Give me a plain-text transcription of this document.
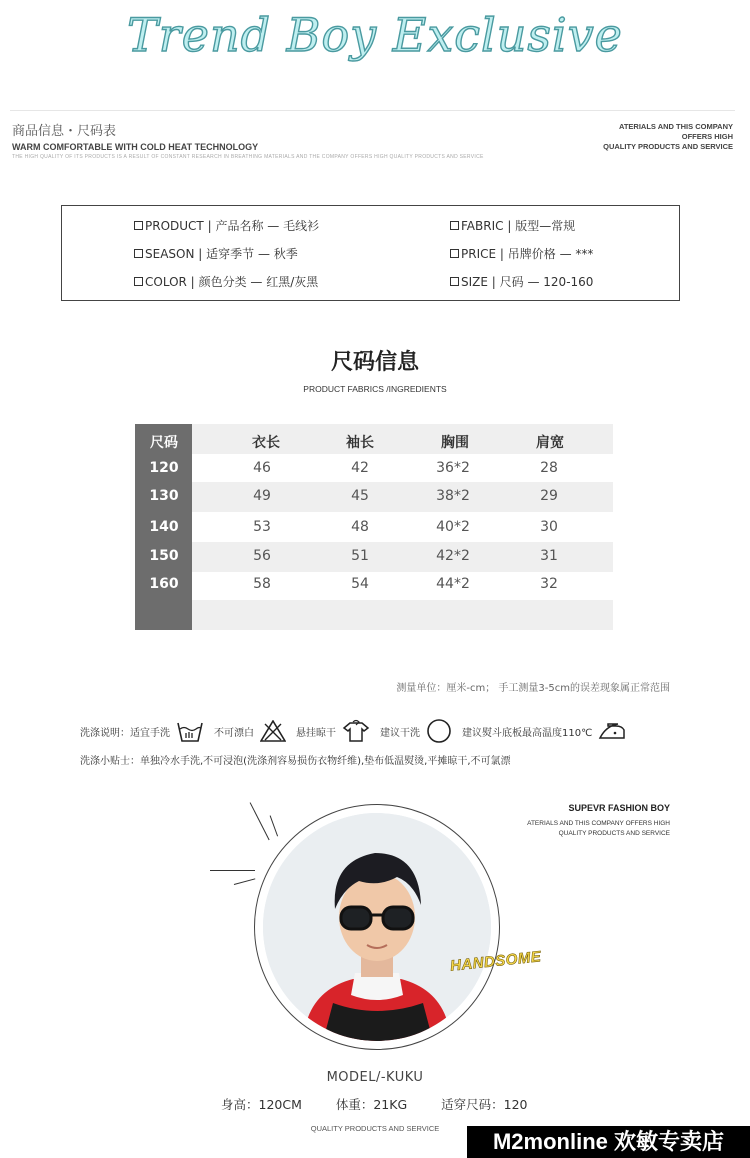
Trend Boy Exclusive
商品信息・尺码表
WARM COMFORTABLE WITH COLD HEAT TECHNOLOGY
THE HIGH QUALITY OF ITS PRODUCTS IS A RESULT OF CONSTANT RESEARCH IN BREATHING MATERIALS AND THE COMPANY OFFERS HIGH QUALITY PRODUCTS AND SERVICE
ATERIALS AND THIS COMPANY
OFFERS HIGH
QUALITY PRODUCTS AND SERVICE
PRODUCT |
产品名称 — 毛线衫
SEASON |
适穿季节 — 秋季
COLOR |
颜色分类 — 红黑/灰黑
FABRIC |
版型—常规
PRICE |
吊牌价格 — ***
SIZE |
尺码 — 120-160
尺码信息
PRODUCT FABRICS /INGREDIENTS
尺码	衣长	袖长	胸围	肩宽
120	46	42	36*2	28
130	49	45	38*2	29
140	53	48	40*2	30
150	56	51	42*2	31
160	58	54	44*2	32
测量单位：厘米-cm； 手工测量3-5cm的误差现象属正常范围
洗涤说明：适宜手洗	不可漂白	悬挂晾干	建议干洗	建议熨斗底板最高温度110℃
洗涤小贴士：单独冷水手洗,不可浸泡(洗涤剂容易损伤衣物纤维),垫布低温熨烫,平摊晾干,不可氯漂
HANDSOME
SUPEVR FASHION BOY
ATERIALS AND THIS COMPANY OFFERS HIGH
QUALITY PRODUCTS AND SERVICE
MODEL/-KUKU
身高：120CM	体重：21KG	适穿尺码：120
QUALITY PRODUCTS AND SERVICE
M2monline 欢敏专卖店
